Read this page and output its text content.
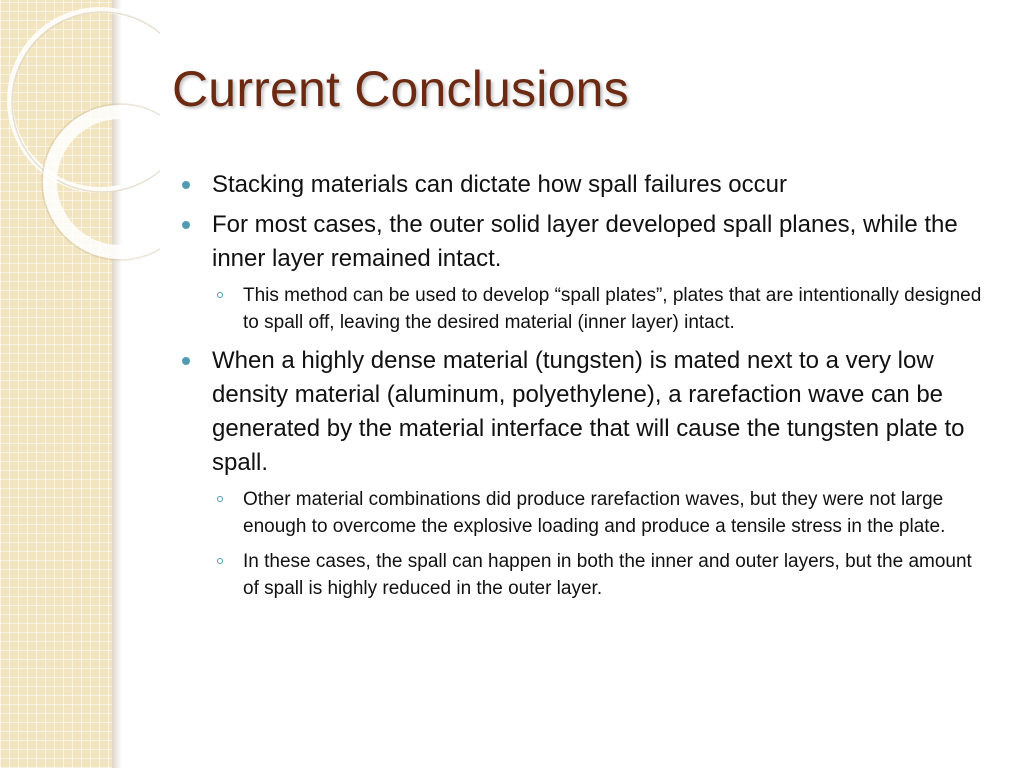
Current Conclusions
Stacking materials can dictate how spall failures occur
For most cases, the outer solid layer developed spall planes, while the inner layer remained intact.
This method can be used to develop “spall plates”, plates that are intentionally designed to spall off, leaving the desired material (inner layer) intact.
When a highly dense material (tungsten) is mated next to a very low density material (aluminum, polyethylene), a rarefaction wave can be generated by the material interface that will cause the tungsten plate to spall.
Other material combinations did produce rarefaction waves, but they were not large enough to overcome the explosive loading and produce a tensile stress in the plate.
In these cases, the spall can happen in both the inner and outer layers, but the amount of spall is highly reduced in the outer layer.
